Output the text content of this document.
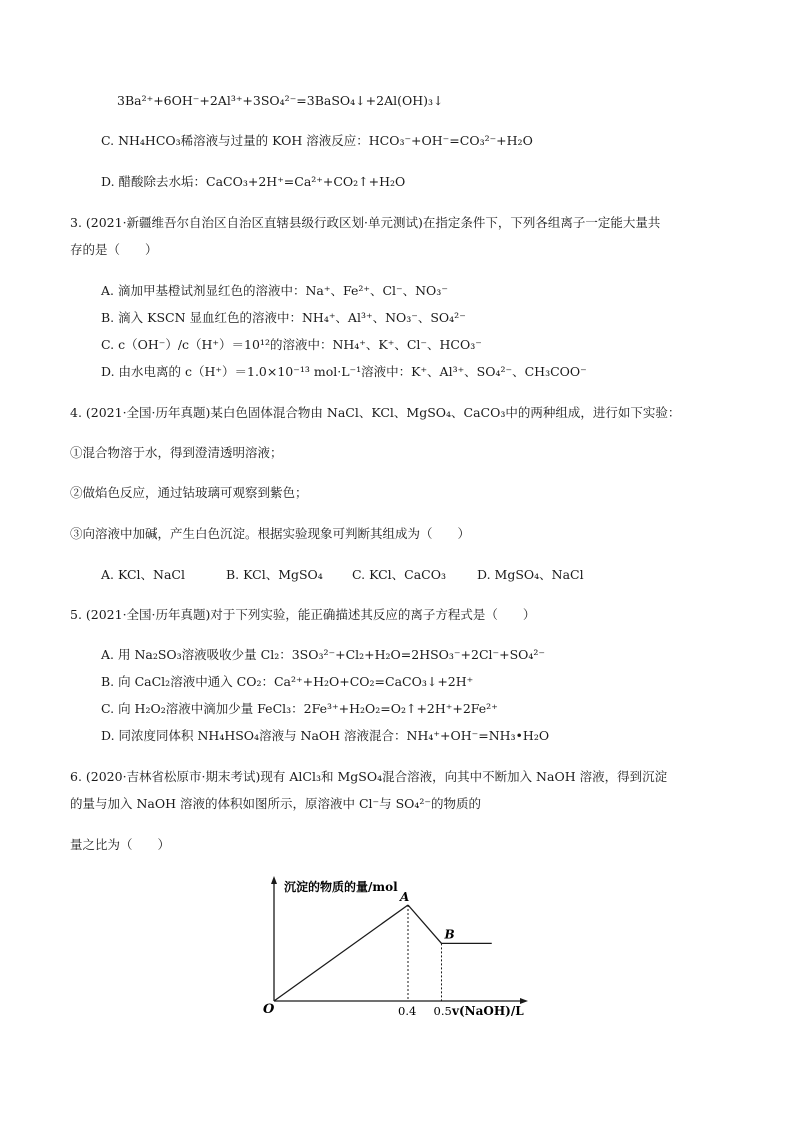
3Ba²⁺+6OH⁻+2Al³⁺+3SO₄²⁻=3BaSO₄↓+2Al(OH)₃↓
C. NH₄HCO₃稀溶液与过量的 KOH 溶液反应：HCO₃⁻+OH⁻=CO₃²⁻+H₂O
D. 醋酸除去水垢：CaCO₃+2H⁺=Ca²⁺+CO₂↑+H₂O
3. (2021·新疆维吾尔自治区自治区直辖县级行政区划·单元测试)在指定条件下，下列各组离子一定能大量共
存的是（　　）
A. 滴加甲基橙试剂显红色的溶液中：Na⁺、Fe²⁺、Cl⁻、NO₃⁻
B. 滴入 KSCN 显血红色的溶液中：NH₄⁺、Al³⁺、NO₃⁻、SO₄²⁻
C. c（OH⁻）/c（H⁺）＝10¹²的溶液中：NH₄⁺、K⁺、Cl⁻、HCO₃⁻
D. 由水电离的 c（H⁺）＝1.0×10⁻¹³ mol·L⁻¹溶液中：K⁺、Al³⁺、SO₄²⁻、CH₃COO⁻
4. (2021·全国·历年真题)某白色固体混合物由 NaCl、KCl、MgSO₄、CaCO₃中的两种组成，进行如下实验：
①混合物溶于水，得到澄清透明溶液；
②做焰色反应，通过钴玻璃可观察到紫色；
③向溶液中加碱，产生白色沉淀。根据实验现象可判断其组成为（　　）
A. KCl、NaCl	B. KCl、MgSO₄ C. KCl、CaCO₃ D. MgSO₄、NaCl
5. (2021·全国·历年真题)对于下列实验，能正确描述其反应的离子方程式是（　　）
A. 用 Na₂SO₃溶液吸收少量 Cl₂：3SO₃²⁻+Cl₂+H₂O=2HSO₃⁻+2Cl⁻+SO₄²⁻
B. 向 CaCl₂溶液中通入 CO₂：Ca²⁺+H₂O+CO₂=CaCO₃↓+2H⁺
C. 向 H₂O₂溶液中滴加少量 FeCl₃：2Fe³⁺+H₂O₂=O₂↑+2H⁺+2Fe²⁺
D. 同浓度同体积 NH₄HSO₄溶液与 NaOH 溶液混合：NH₄⁺+OH⁻=NH₃•H₂O
6. (2020·吉林省松原市·期末考试)现有 AlCl₃和 MgSO₄混合溶液，向其中不断加入 NaOH 溶液，得到沉淀
的量与加入 NaOH 溶液的体积如图所示，原溶液中 Cl⁻与 SO₄²⁻的物质的
量之比为（　　）
沉淀的物质的量/mol
v(NaOH)/L
O
A
B
0.4 0.5
